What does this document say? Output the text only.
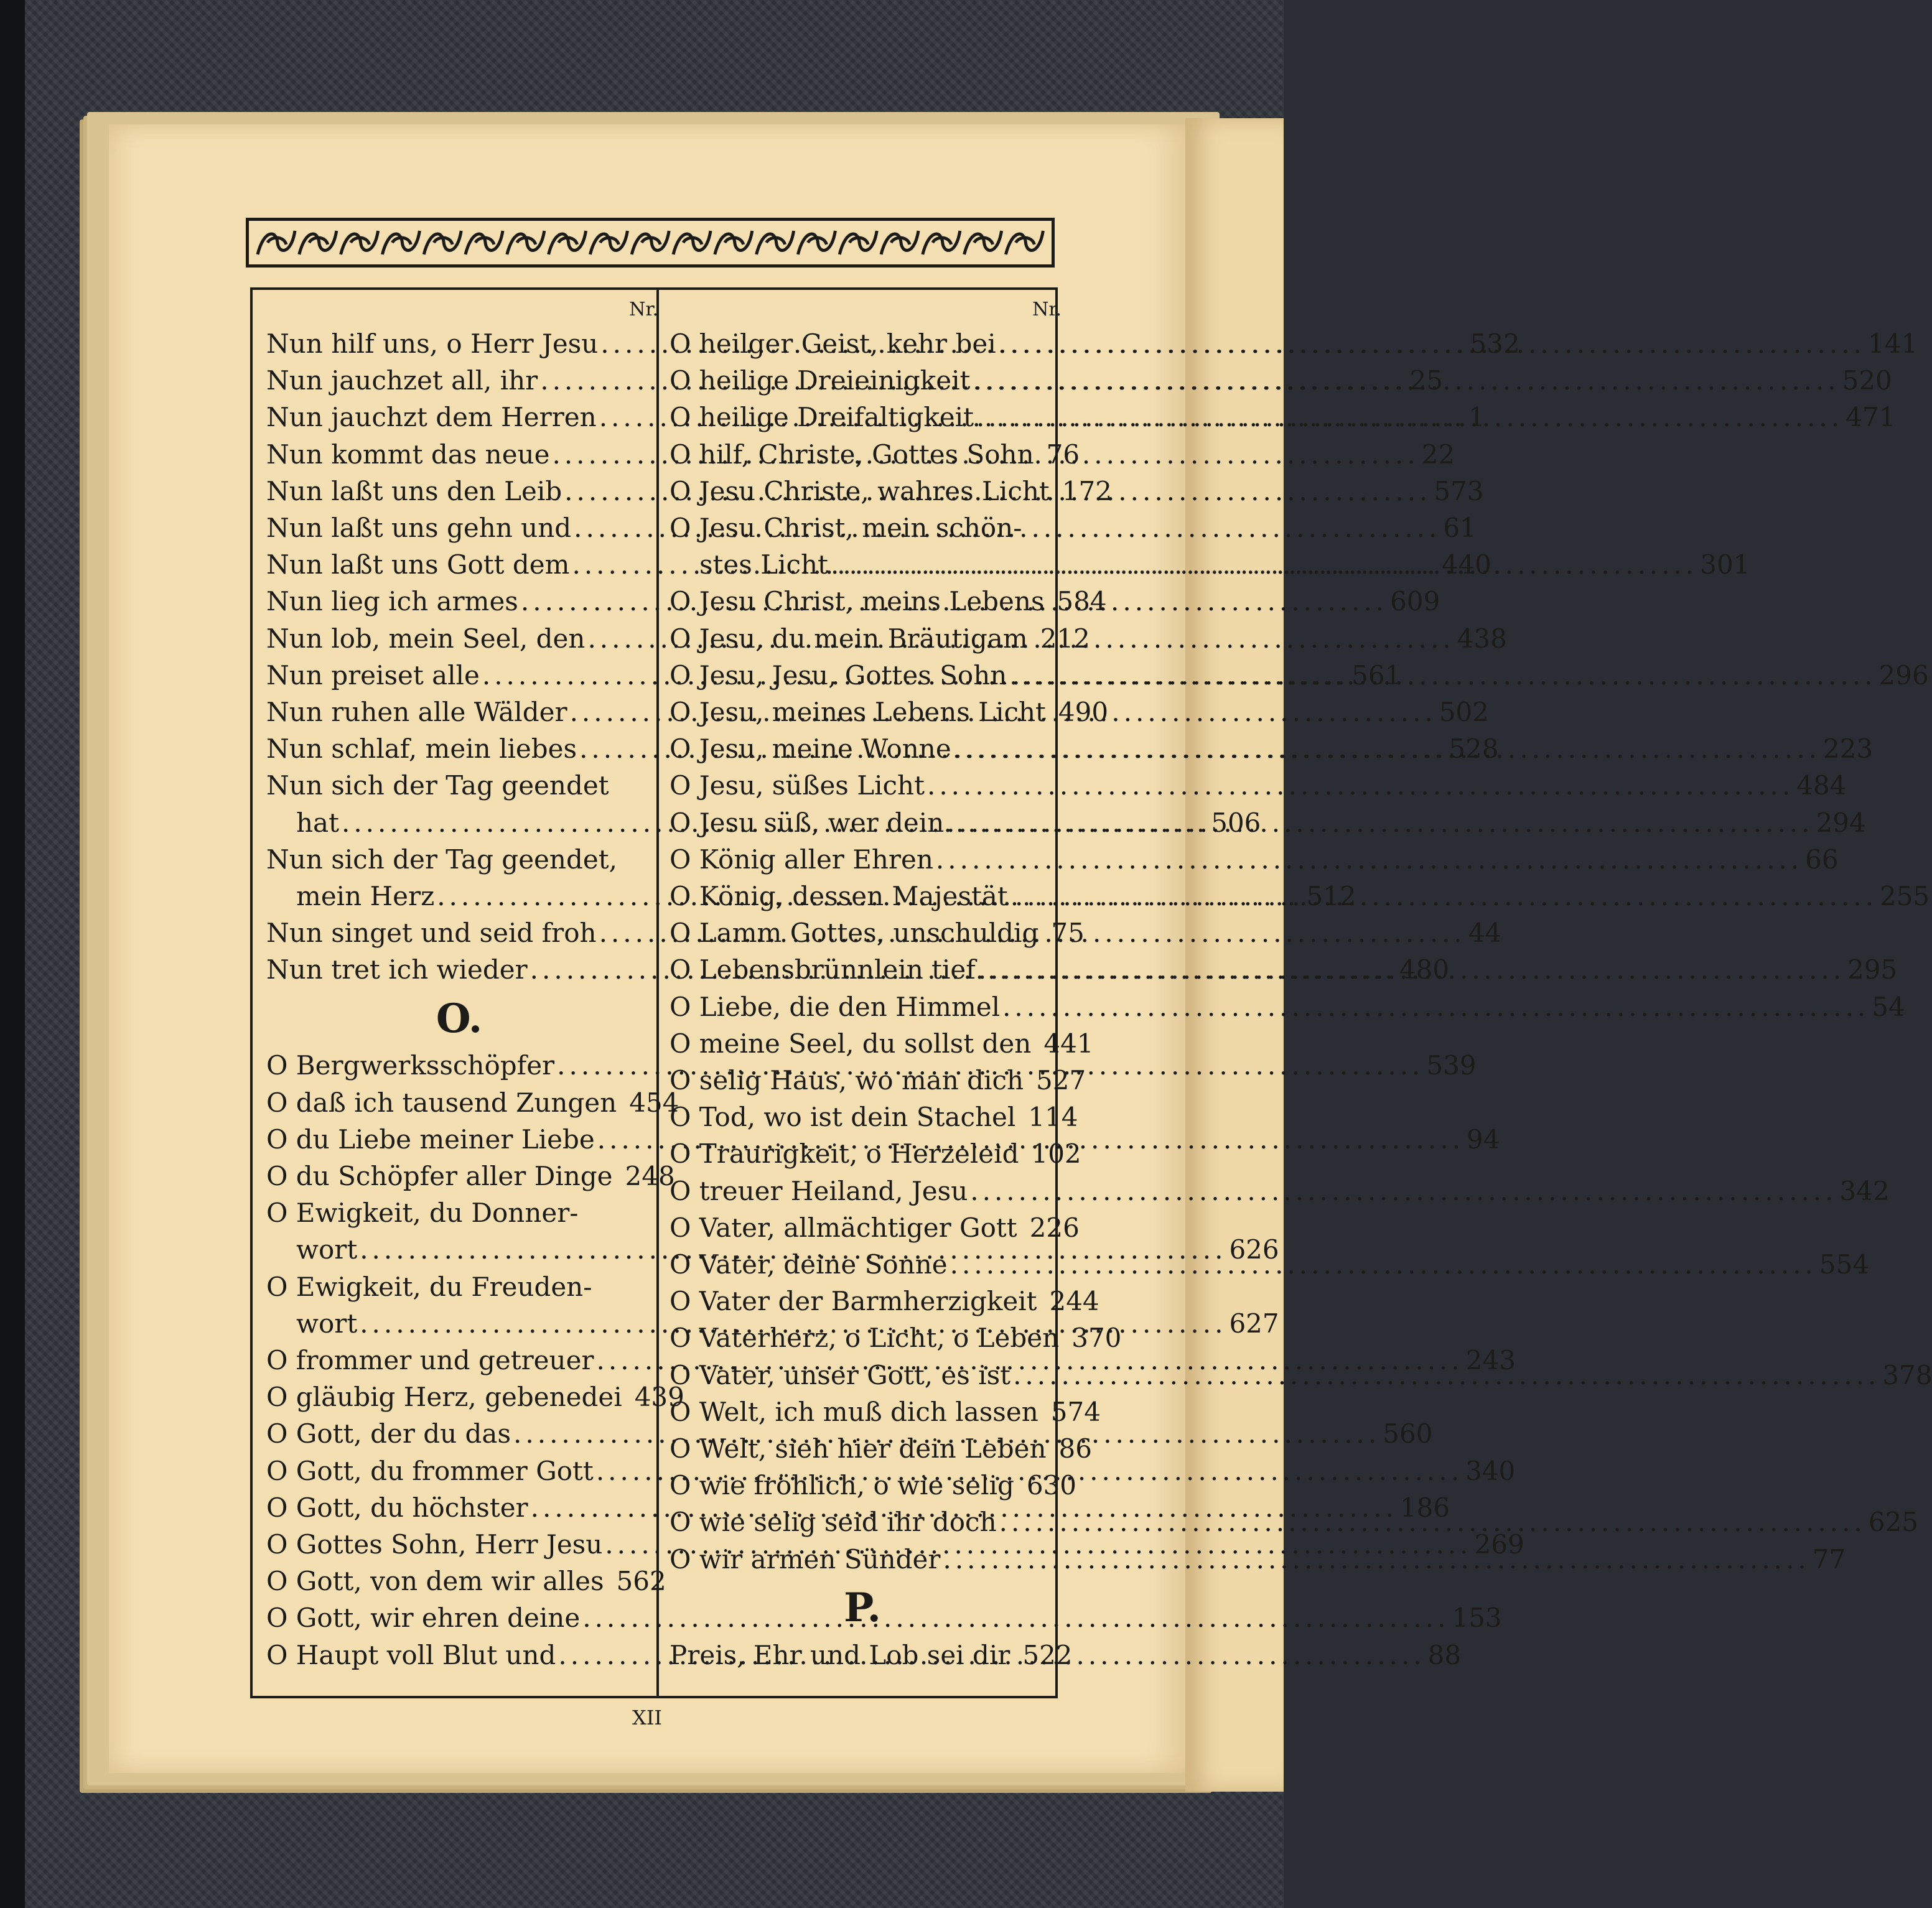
Nr.
Nun hilf uns, o Herr Jesu .....	532
Nun jauchzet all, ihr .....	25
Nun jauchzt dem Herren .....	1
Nun kommt das neue .....	22
Nun laßt uns den Leib .....	573
Nun laßt uns gehn und .....	61
Nun laßt uns Gott dem .....	440
Nun lieg ich armes .....	609
Nun lob, mein Seel, den .....	438
Nun preiset alle .....	561
Nun ruhen alle Wälder .....	502
Nun schlaf, mein liebes .....	528
Nun sich der Tag geendet
hat .....	506
Nun sich der Tag geendet,
mein Herz .....	512
Nun singet und seid froh .....	44
Nun tret ich wieder .....	480
O.
O Bergwerksschöpfer .....	539
O daß ich tausend Zungen 454
O du Liebe meiner Liebe .....	94
O du Schöpfer aller Dinge 248
O Ewigkeit, du Donner-
wort .....	626
O Ewigkeit, du Freuden-
wort .....	627
O frommer und getreuer .....	243
O gläubig Herz, gebenedei 439
O Gott, der du das .....	560
O Gott, du frommer Gott .....	340
O Gott, du höchster .....	186
O Gottes Sohn, Herr Jesu .....	269
O Gott, von dem wir alles 562
O Gott, wir ehren deine .....	153
O Haupt voll Blut und .....	88
Nr.
O heilger Geist, kehr bei .....	141
O heilige Dreieinigkeit .....	520
O heilige Dreifaltigkeit .....	471
O hilf, Christe, Gottes Sohn 76
O Jesu Christe, wahres Licht 172
O Jesu Christ, mein schön-
stes Licht .....	301
O Jesu Christ, meins Lebens 584
O Jesu, du mein Bräutigam 212
O Jesu, Jesu, Gottes Sohn .....	296
O Jesu, meines Lebens Licht 490
O Jesu, meine Wonne .....	223
O Jesu, süßes Licht .....	484
O Jesu süß, wer dein .....	294
O König aller Ehren .....	66
O König, dessen Majestät .....	255
O Lamm Gottes, unschuldig 75
O Lebensbrünnlein tief .....	295
O Liebe, die den Himmel .....	54
O meine Seel, du sollst den 441
O selig Haus, wo man dich 527
O Tod, wo ist dein Stachel 114
O Traurigkeit, o Herzeleid 102
O treuer Heiland, Jesu .....	342
O Vater, allmächtiger Gott 226
O Vater, deine Sonne .....	554
O Vater der Barmherzigkeit 244
O Vaterherz, o Licht, o Leben 370
O Vater, unser Gott, es ist .....	378
O Welt, ich muß dich lassen 574
O Welt, sieh hier dein Leben 86
O wie fröhlich, o wie selig 630
O wie selig seid ihr doch .....	625
O wir armen Sünder .....	77
P.
Preis, Ehr und Lob sei dir 522
XII
